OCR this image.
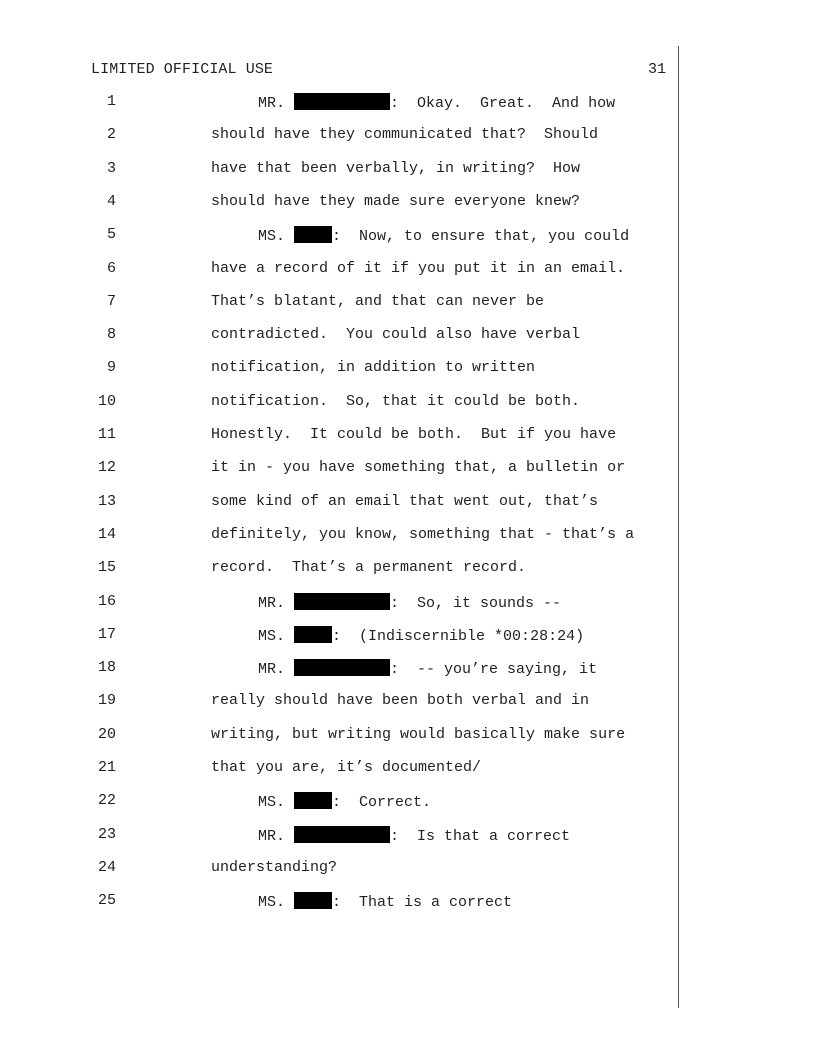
LIMITED OFFICIAL USE	31
1	MR.	:  Okay.  Great.  And how
2	should have they communicated that?  Should
3	have that been verbally, in writing?  How
4	should have they made sure everyone knew?
5	MS.	:  Now, to ensure that, you could
6	have a record of it if you put it in an email.
7	That’s blatant, and that can never be
8	contradicted.  You could also have verbal
9	notification, in addition to written
10	notification.  So, that it could be both.
11	Honestly.  It could be both.  But if you have
12	it in - you have something that, a bulletin or
13	some kind of an email that went out, that’s
14	definitely, you know, something that - that’s a
15	record.  That’s a permanent record.
16	MR.	:  So, it sounds --
17	MS.	:  (Indiscernible *00:28:24)
18	MR.	:  -- you’re saying, it
19	really should have been both verbal and in
20	writing, but writing would basically make sure
21	that you are, it’s documented/
22	MS.	:  Correct.
23	MR.	:  Is that a correct
24	understanding?
25	MS.	:  That is a correct
